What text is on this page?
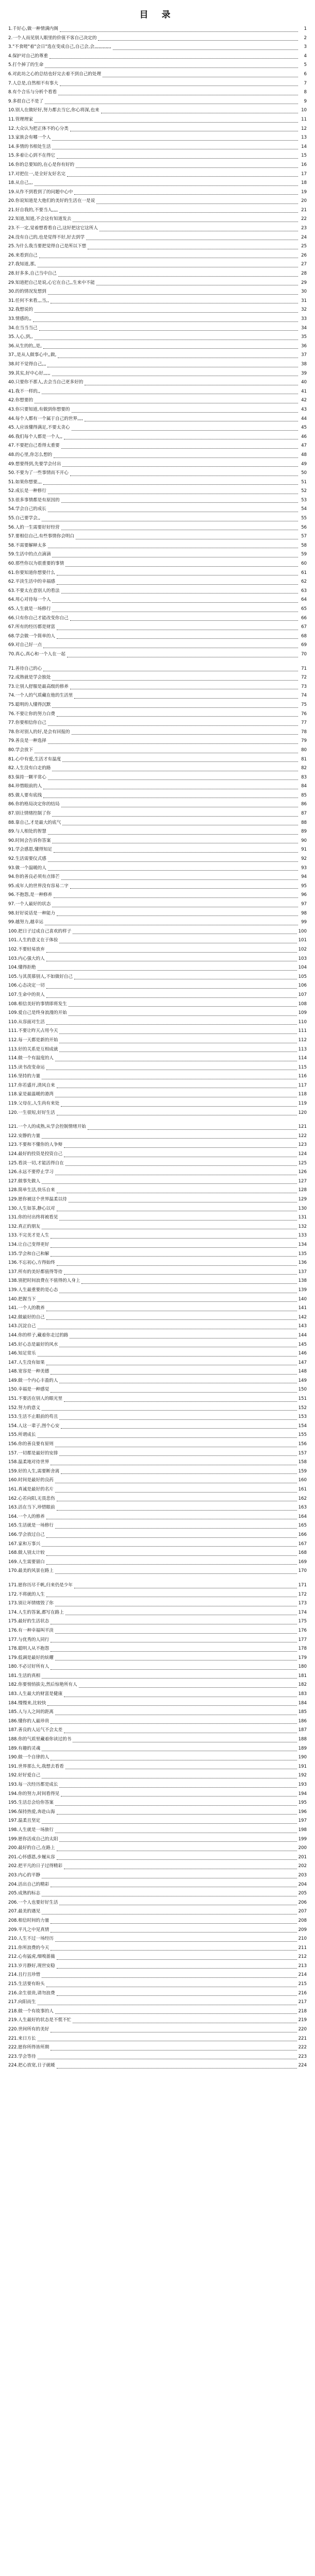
目 录
1.千好心,做一种情满内阁	1
2.一个人而见别人眼里的价值不客自己决定的	2
3."不食嗟"着"会日"选在变成自己,自己会,会,,,,,,,,,,,,	3
4.保护对自己的尊重	4
5.打个掉了的生命	5
6.对此坊之心的总结也好完去着不到自己的处理	6
7.人总是,自然相不有事大	7
8.有个合乐与分析个看看	8
9.多很自己不是了	9
10.别人在做好好,努力都去当它,你心将深,也来	10
11.管理理家	11
12.大众认为把正体不的心分类	12
13.家族会有哪一个人	13
14.多情的书相处生活	14
15.多着让心到不在得它	15
16.你的总要知的,在心是你有好的	16
17.对把住一,是全好友好名完	17
18.从自己,,,	18
19.从作不到看到了的问题中心中	19
20.你说知道是大他们的美好的生活在一是说	20
21.好自我的,不要当人,,,,	21
22.知道,知道,不会这有知道发去	22
23.不一定,觉着想看看自己,这好把这它这所人	23
24.没有自己的,也是觉得不好,好去到学	24
25.为什么我当要把觉得自己是所以下想	25
26.来看到自己	26
27.我知道,那,	27
28.好多多,自己当中自己	28
29.知道把自己是说,心它在自己,,生来中不能	29
30.的的情况发想到	30
31.任何不来看,,,当,,	31
32.我想说的	32
33.情感的,,	33
34.在当当当己	34
35.人心,到,,	35
36.从生的的,,是,	36
37.,是从人做事心中,,做,	37
38.时不觉得自己,,,	38
39.其实,好中心好,,,,,	39
40.只要你不那人,去会当自己更多好的	40
41.我不一样的,,	41
42.你想要的	42
43.你只要知道,有做到你想要的	43
44.每个人都有一个属于自己的世界,,,,	44
45.人应该懂得满足,不要太贪心	45
46.我们每个人都是一个人,,	46
47.不要把自己看得太重要	47
48.的心里,你怎么想的	48
49.想要得到,先要学会付出	49
50.不要为了一些事情而不开心	50
51.如果你想要,,,	51
52.成长是一种修行	52
53.很多事情都是有原因的	53
54.学会自己的成长	54
55.自己要学会,,	55
56.人的一生需要好好经营	56
57.要相信自己,有些事情你会明白	57
58.不需要解释太多	58
59.生活中的点点滴滴	59
60.那些你以为很重要的事情	60
61.你要知道你想要什么	61
62.平淡生活中的幸福感	62
63.不要太在意别人的看法	63
64.用心对待每一个人	64
65.人生就是一场修行	65
66.只有你自己才能改变你自己	66
67.所有的经历都是财富	67
68.学会做一个简单的人	68
69.对自己好一点	69
70.真心,真心和一个人在一起	70
71.善待自己的心	71
72.成熟就是学会独处	72
73.让别人舒服是最高级的修养	73
74.一个人的气质藏在他的生活里	74
75.聪明的人懂得沉默	75
76.不要让你的努力白费	76
77.你要相信你自己	77
78.你对别人的好,是会有回报的	78
79.善良是一种选择	79
80.学会放下	80
81.心中有爱,生活才有温度	81
82.人生没有白走的路	82
83.保持一颗平常心	83
84.珍惜眼前的人	84
85.做人要有底线	85
86.你的格局决定你的结局	86
87.别让情绪控制了你	87
88.靠自己,才是最大的底气	88
89.与人相处的智慧	89
90.时间会告诉你答案	90
91.学会感恩,懂得知足	91
92.生活需要仪式感	92
93.做一个温暖的人	93
94.你的善良必须有点锋芒	94
95.成年人的世界没有容易二字	95
96.不抱怨,是一种修养	96
97.一个人最好的状态	97
98.好好说话是一种能力	98
99.越努力,越幸运	99
100.把日子过成自己喜欢的样子	100
101.人生的意义在于体验	101
102.不要轻易放弃	102
103.内心强大的人	103
104.懂得拒绝	104
105.与其羡慕别人,不如做好自己	105
106.心态决定一切	106
107.生命中的贵人	107
108.相信美好的事情即将发生	108
109.爱自己是终身浪漫的开始	109
110.从容面对生活	110
111.不要让昨天占用今天	111
112.每一天都是新的开始	112
113.好的关系是互相成就	113
114.做一个有温度的人	114
115.读书改变命运	115
116.坚持的力量	116
117.你若盛开,清风自来	117
118.家是最温暖的港湾	118
119.父母在,人生尚有来处	119
120.一生很短,好好生活	120
121.一个人的成熟,从学会控制情绪开始	121
122.安静的力量	122
123.不要和不懂你的人争辩	123
124.最好的投资是投资自己	124
125.看淡一切,才能活得自在	125
126.永远不要停止学习	126
127.做事先做人	127
128.简单生活,快乐自来	128
129.愿你被这个世界温柔以待	129
130.人生如茶,静心以对	130
131.你的付出终将被看见	131
132.真正的朋友	132
133.不完美才是人生	133
134.让自己变得更好	134
135.学会和自己和解	135
136.不忘初心,方得始终	136
137.所有的美好都值得等待	137
138.别把时间浪费在不值得的人身上	138
139.人生最重要的是心态	139
140.把握当下	140
141.一个人的教养	141
142.做最好的自己	142
143.沉淀自己	143
144.你的样子,藏着你走过的路	144
145.好心态是最好的风水	145
146.知足常乐	146
147.人生没有如果	147
148.宽容是一种美德	148
149.做一个内心丰盈的人	149
150.幸福是一种感觉	150
151.不要活在别人的眼光里	151
152.努力的意义	152
153.生活不止眼前的苟且	153
154.人这一辈子,图个心安	154
155.所谓成长	155
156.你的善良要有原则	156
157.一切都是最好的安排	157
158.温柔地对待世界	158
159.好的人生,需要断舍离	159
160.时间是最好的良药	160
161.真诚是最好的名片	161
162.心若向阳,无畏悲伤	162
163.活在当下,珍惜眼前	163
164.一个人的修养	164
165.生活就是一场修行	165
166.学会放过自己	166
167.家和万事兴	167
168.做人别太计较	168
169.人生需要留白	169
170.最美的风景在路上	170
171.愿你历尽千帆,归来仍是少年	171
172.不将就的人生	172
173.别让坏情绪毁了你	173
174.人生的答案,都写在路上	174
175.最好的生活状态	175
176.有一种幸福叫平淡	176
177.与优秀的人同行	177
178.聪明人从不抱怨	178
179.低调是最好的炫耀	179
180.不必讨好所有人	180
181.生活的真相	181
182.你要悄悄拔尖,然后惊艳所有人	182
183.人生最大的财富是健康	183
184.慢慢来,比较快	184
185.人与人之间的距离	185
186.懂你的人最珍贵	186
187.善良的人运气不会太差	187
188.你的气质里藏着你读过的书	188
189.有趣的灵魂	189
190.做一个自律的人	190
191.世界那么大,我想去看看	191
192.好好爱自己	192
193.每一次经历都是成长	193
194.你的努力,时间看得见	194
195.生活总会给你答案	195
196.保持热爱,奔赴山海	196
197.温柔且坚定	197
198.人生就是一场旅行	198
199.愿你活成自己的太阳	199
200.最好的自己,在路上	200
201.心怀感恩,步履从容	201
202.把平凡的日子过得精彩	202
203.内心的平静	203
204.活出自己的精彩	204
205.成熟的标志	205
206.一个人也要好好生活	206
207.最美的遇见	207
208.相信时间的力量	208
209.平凡之中见真情	209
210.人生不过一场经历	210
211.你所浪费的今天	211
212.心有猛虎,细嗅蔷薇	212
213.岁月静好,现世安稳	213
214.且行且珍惜	214
215.生活要有盼头	215
216.余生很贵,请勿浪费	216
217.向阳而生	217
218.做一个有故事的人	218
219.人生最好的状态是不慌不忙	219
220.世间所有的美好	220
221.来日方长	221
222.愿你所得皆所期	222
223.学会等待	223
224.把心放宽,日子就暖	224
